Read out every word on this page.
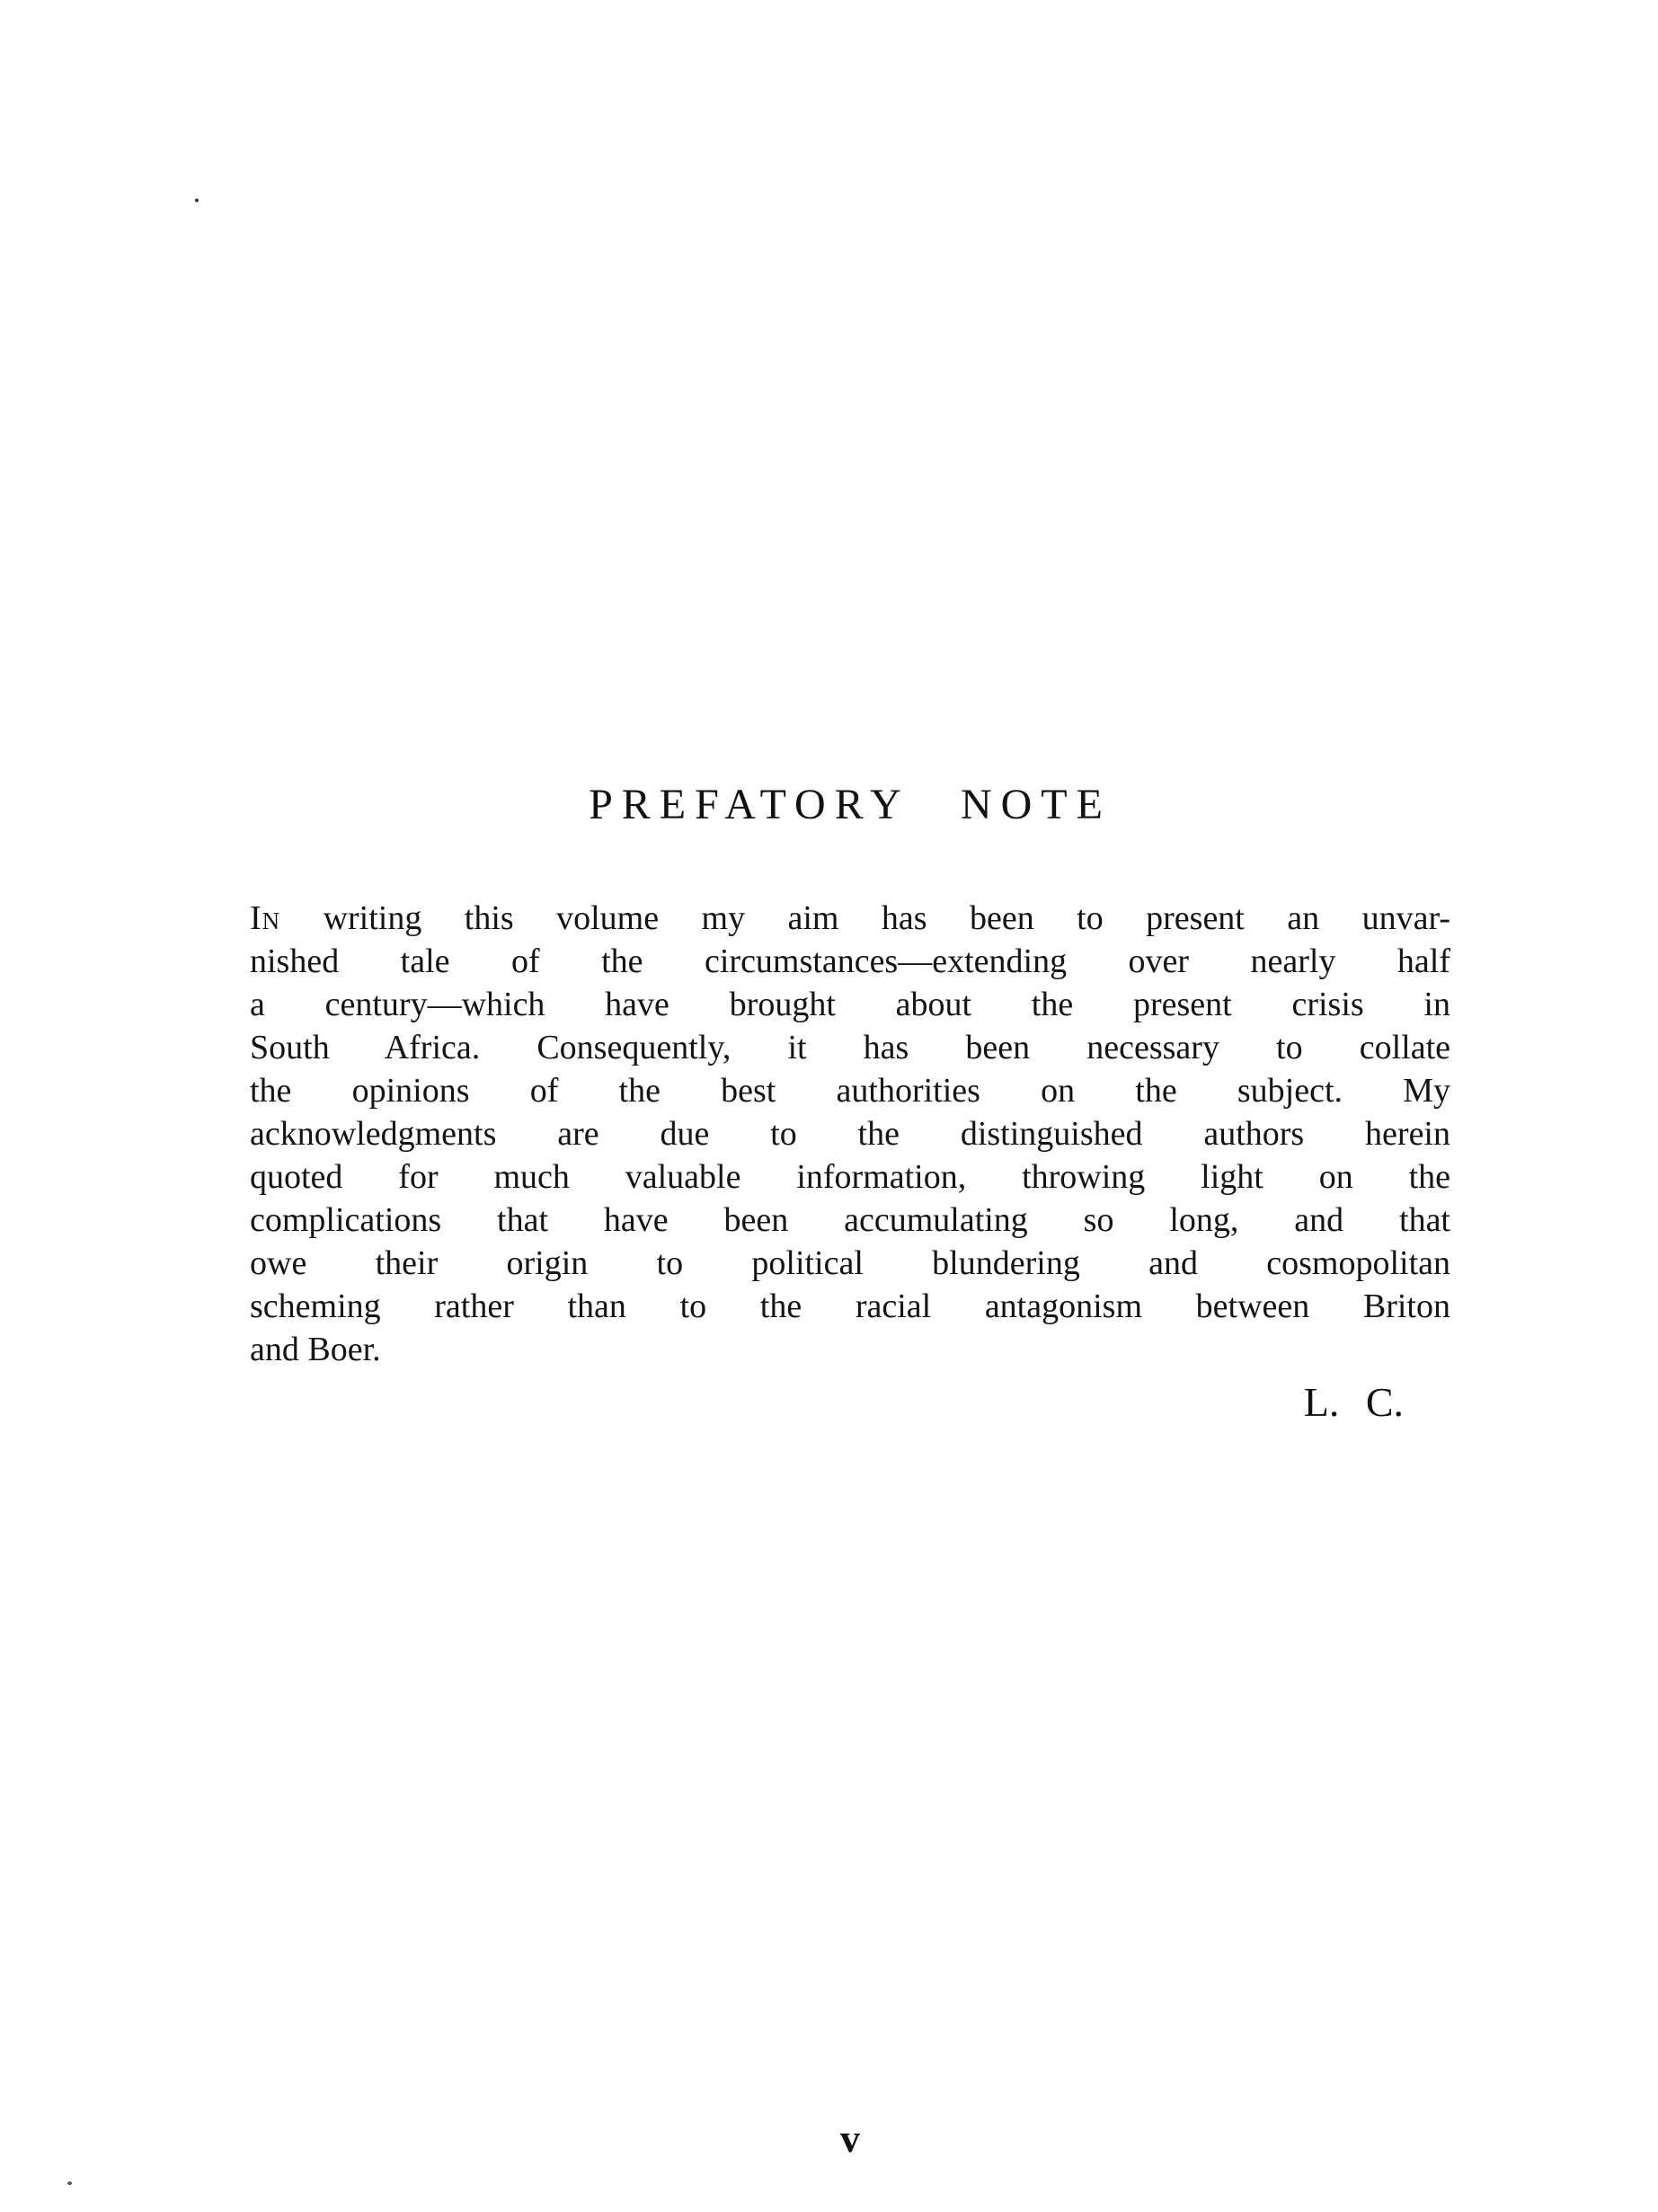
PREFATORY NOTE
In writing this volume my aim has been to present an unvar-
nished tale of the circumstances—extending over nearly half
a century—which have brought about the present crisis in
South Africa. Consequently, it has been necessary to collate
the opinions of the best authorities on the subject. My
acknowledgments are due to the distinguished authors herein
quoted for much valuable information, throwing light on the
complications that have been accumulating so long, and that
owe their origin to political blundering and cosmopolitan
scheming rather than to the racial antagonism between Briton
and Boer.
L. C.
v
